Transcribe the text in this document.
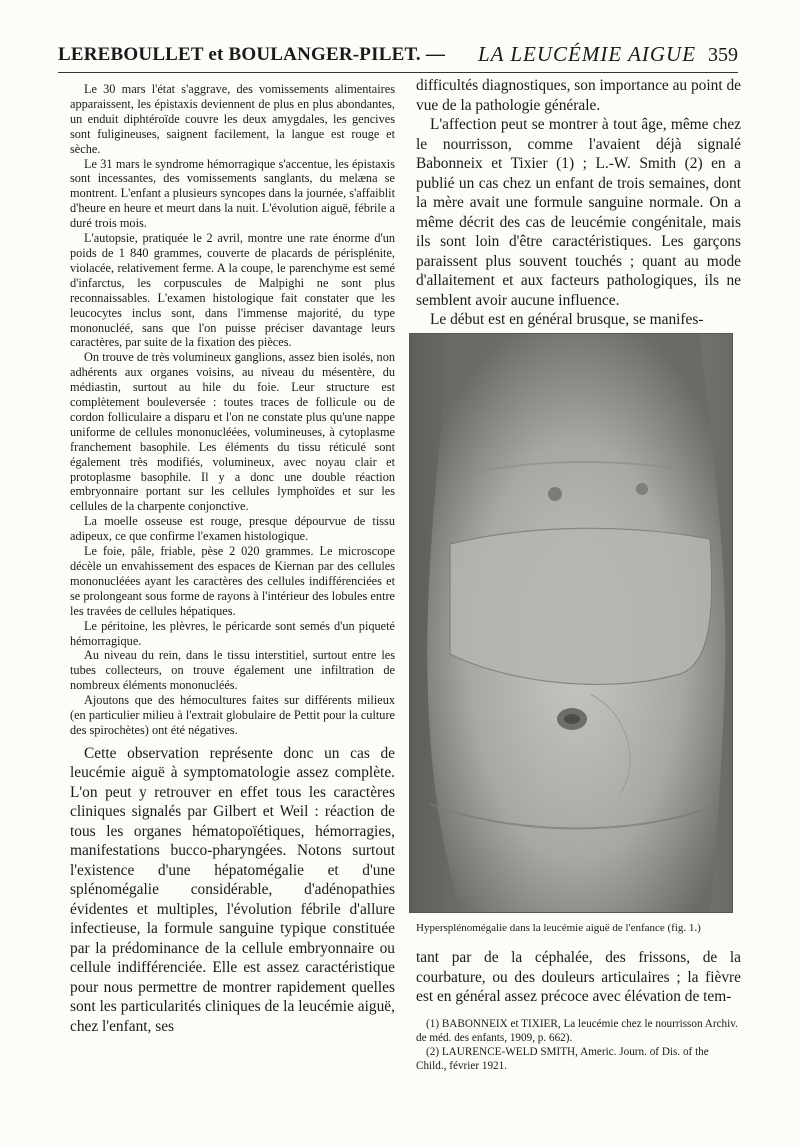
LEREBOULLET et BOULANGER-PILET. — LA LEUCÉMIE AIGUE 359

Le 30 mars l'état s'aggrave, des vomissements alimentaires apparaissent, les épistaxis deviennent de plus en plus abondantes, un enduit diphtéroïde couvre les deux amygdales, les gencives sont fuligineuses, saignent facilement, la langue est rouge et sèche.

Le 31 mars le syndrome hémorragique s'accentue, les épistaxis sont incessantes, des vomissements sanglants, du melæna se montrent. L'enfant a plusieurs syncopes dans la journée, s'affaiblit d'heure en heure et meurt dans la nuit. L'évolution aiguë, fébrile a duré trois mois.

L'autopsie, pratiquée le 2 avril, montre une rate énorme d'un poids de 1 840 grammes, couverte de placards de périsplénite, violacée, relativement ferme. A la coupe, le parenchyme est semé d'infarctus, les corpuscules de Malpighi ne sont plus reconnaissables. L'examen histologique fait constater que les leucocytes inclus sont, dans l'immense majorité, du type mononucléé, sans que l'on puisse préciser davantage leurs caractères, par suite de la fixation des pièces.

On trouve de très volumineux ganglions, assez bien isolés, non adhérents aux organes voisins, au niveau du mésentère, du médiastin, surtout au hile du foie. Leur structure est complètement bouleversée : toutes traces de follicule ou de cordon folliculaire a disparu et l'on ne constate plus qu'une nappe uniforme de cellules mononucléées, volumineuses, à cytoplasme franchement basophile. Les éléments du tissu réticulé sont également très modifiés, volumineux, avec noyau clair et protoplasme basophile. Il y a donc une double réaction embryonnaire portant sur les cellules lymphoïdes et sur les cellules de la charpente conjonctive.

La moelle osseuse est rouge, presque dépourvue de tissu adipeux, ce que confirme l'examen histologique.

Le foie, pâle, friable, pèse 2 020 grammes. Le microscope décèle un envahissement des espaces de Kiernan par des cellules mononucléées ayant les caractères des cellules indifférenciées et se prolongeant sous forme de rayons à l'intérieur des lobules entre les travées de cellules hépatiques.

Le péritoine, les plèvres, le péricarde sont semés d'un piqueté hémorragique.

Au niveau du rein, dans le tissu interstitiel, surtout entre les tubes collecteurs, on trouve également une infiltration de nombreux éléments mononucléés.

Ajoutons que des hémocultures faites sur différents milieux (en particulier milieu à l'extrait globulaire de Pettit pour la culture des spirochètes) ont été négatives.

Cette observation représente donc un cas de leucémie aiguë à symptomatologie assez complète. L'on peut y retrouver en effet tous les caractères cliniques signalés par Gilbert et Weil : réaction de tous les organes hématopoïétiques, hémorragies, manifestations bucco-pharyngées. Notons surtout l'existence d'une hépatomégalie et d'une splénomégalie considérable, d'adénopathies évidentes et multiples, l'évolution fébrile d'allure infectieuse, la formule sanguine typique constituée par la prédominance de la cellule embryonnaire ou cellule indifférenciée. Elle est assez caractéristique pour nous permettre de montrer rapidement quelles sont les particularités cliniques de la leucémie aiguë, chez l'enfant, ses

difficultés diagnostiques, son importance au point de vue de la pathologie générale.

L'affection peut se montrer à tout âge, même chez le nourrisson, comme l'avaient déjà signalé Babonneix et Tixier (1) ; L.-W. Smith (2) en a publié un cas chez un enfant de trois semaines, dont la mère avait une formule sanguine normale. On a même décrit des cas de leucémie congénitale, mais ils sont loin d'être caractéristiques. Les garçons paraissent plus souvent touchés ; quant au mode d'allaitement et aux facteurs pathologiques, ils ne semblent avoir aucune influence.

Le début est en général brusque, se manifes-

Hypersplénomégalie dans la leucémie aiguë de l'enfance (fig. 1.)

tant par de la céphalée, des frissons, de la courbature, ou des douleurs articulaires ; la fièvre est en général assez précoce avec élévation de tem-

(1) BABONNEIX et TIXIER, La leucémie chez le nourrisson Archiv. de méd. des enfants, 1909, p. 662).

(2) LAURENCE-WELD SMITH, Americ. Journ. of Dis. of the Child., février 1921.
